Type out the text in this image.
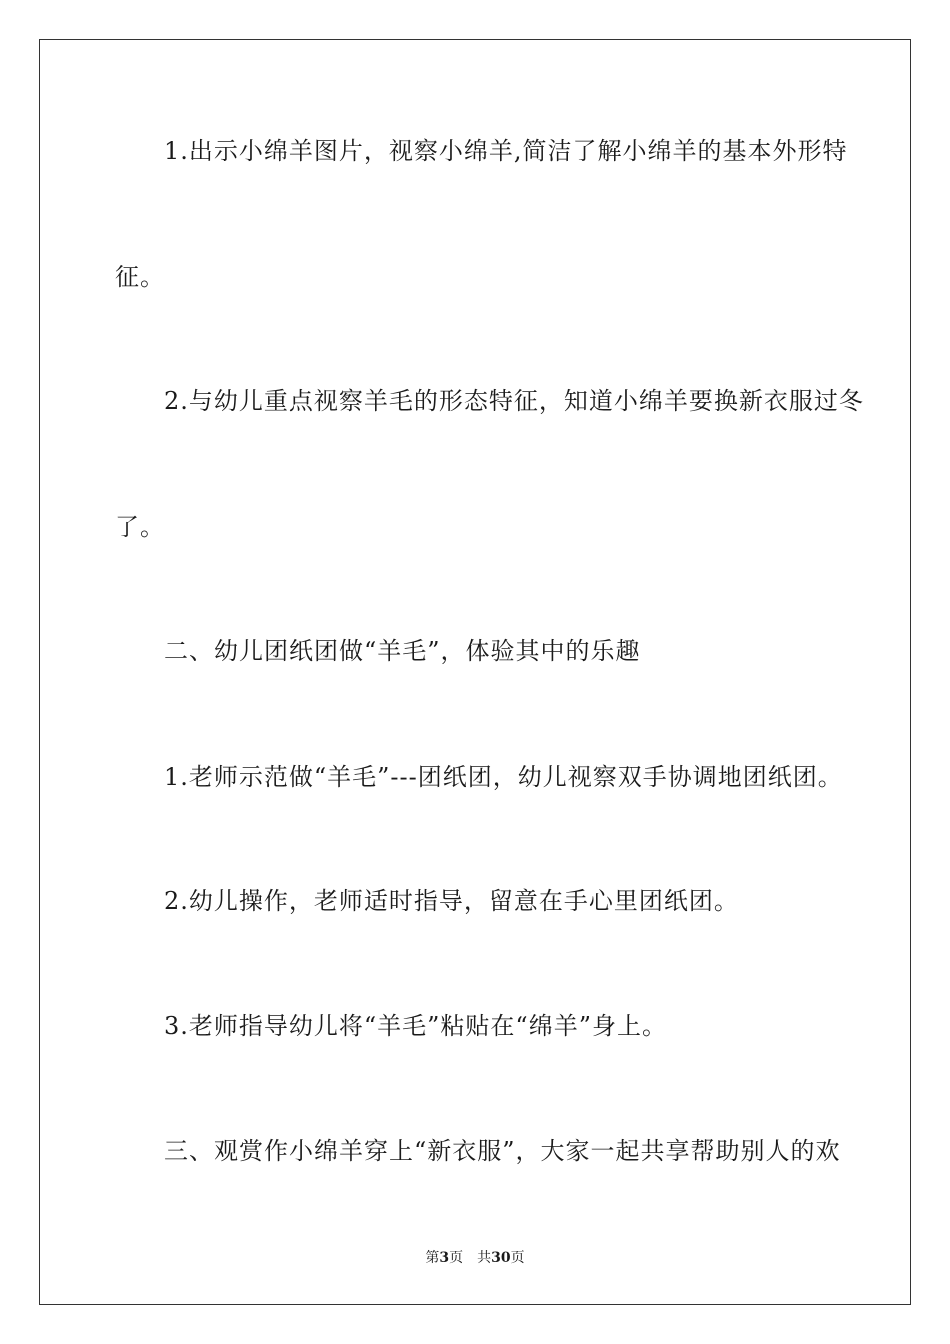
1.出示小绵羊图片，视察小绵羊,简洁了解小绵羊的基本外形特
征。
2.与幼儿重点视察羊毛的形态特征，知道小绵羊要换新衣服过冬
了。
二、幼儿团纸团做“羊毛”，体验其中的乐趣
1.老师示范做“羊毛”---团纸团，幼儿视察双手协调地团纸团。
2.幼儿操作，老师适时指导，留意在手心里团纸团。
3.老师指导幼儿将“羊毛”粘贴在“绵羊”身上。
三、观赏作小绵羊穿上“新衣服”，大家一起共享帮助别人的欢
第3页 共30页
